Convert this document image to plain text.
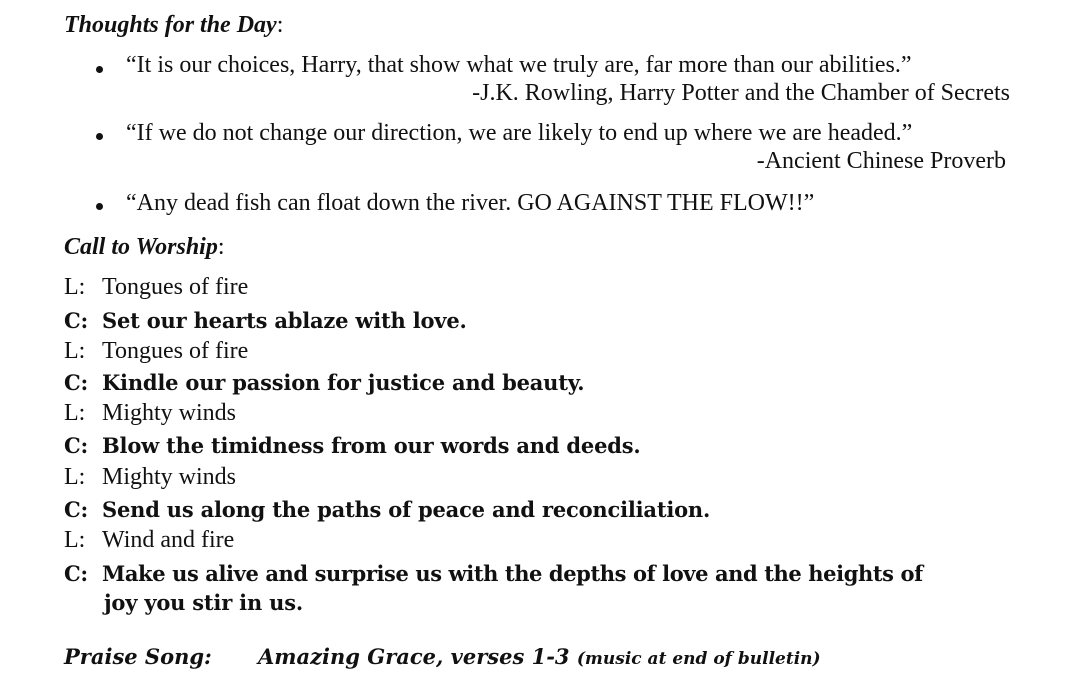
Thoughts for the Day:
“It is our choices, Harry, that show what we truly are, far more than our abilities.”
-J.K. Rowling, Harry Potter and the Chamber of Secrets
“If we do not change our direction, we are likely to end up where we are headed.”
-Ancient Chinese Proverb
“Any dead fish can float down the river. GO AGAINST THE FLOW!!”
Call to Worship:
L: Tongues of fire
C: Set our hearts ablaze with love.
L: Tongues of fire
C: Kindle our passion for justice and beauty.
L: Mighty winds
C: Blow the timidness from our words and deeds.
L: Mighty winds
C: Send us along the paths of peace and reconciliation.
L: Wind and fire
C: Make us alive and surprise us with the depths of love and the heights of
joy you stir in us.
Praise Song: Amazing Grace, verses 1-3 (music at end of bulletin)
